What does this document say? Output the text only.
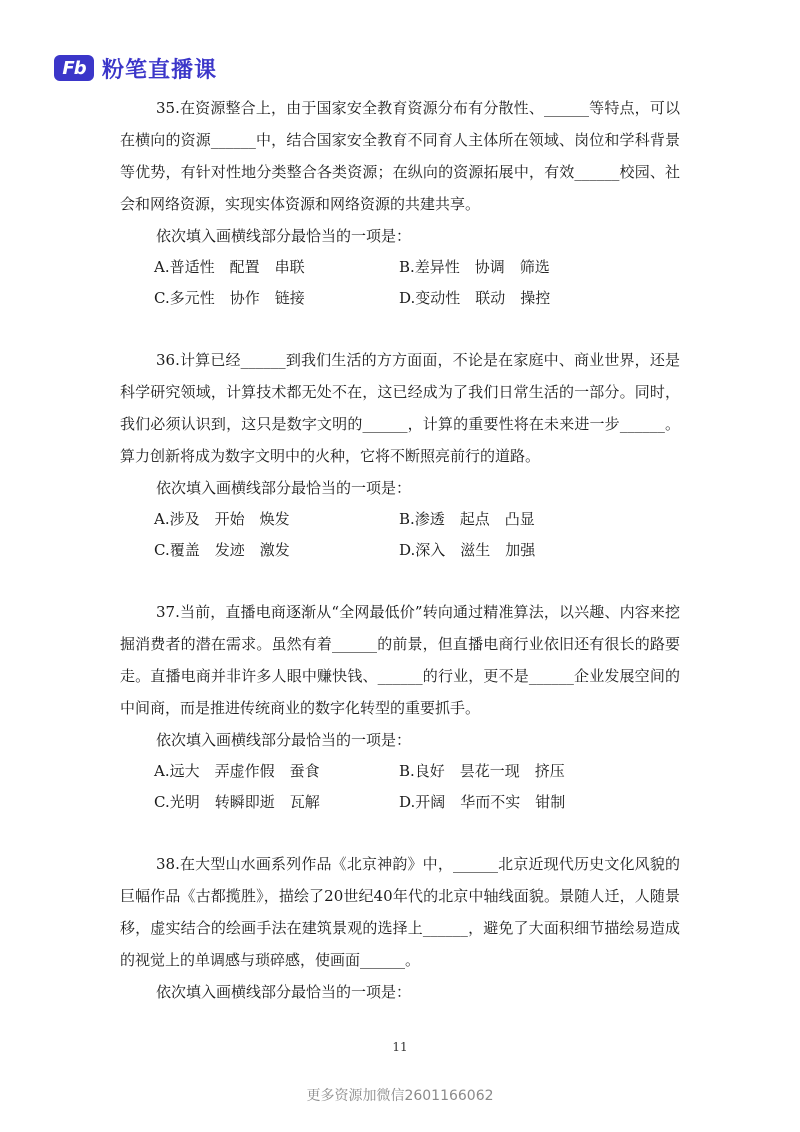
Fb 粉笔直播课

35.在资源整合上，由于国家安全教育资源分布有分散性、______等特点，可以在横向的资源______中，结合国家安全教育不同育人主体所在领域、岗位和学科背景等优势，有针对性地分类整合各类资源；在纵向的资源拓展中，有效______校园、社会和网络资源，实现实体资源和网络资源的共建共享。

依次填入画横线部分最恰当的一项是：

A.普适性　配置　串联	B.差异性　协调　筛选
C.多元性　协作　链接	D.变动性　联动　操控

36.计算已经______到我们生活的方方面面，不论是在家庭中、商业世界，还是科学研究领域，计算技术都无处不在，这已经成为了我们日常生活的一部分。同时，我们必须认识到，这只是数字文明的______，计算的重要性将在未来进一步______。算力创新将成为数字文明中的火种，它将不断照亮前行的道路。

依次填入画横线部分最恰当的一项是：

A.涉及　开始　焕发	B.渗透　起点　凸显
C.覆盖　发迹　激发	D.深入　滋生　加强

37.当前，直播电商逐渐从“全网最低价”转向通过精准算法，以兴趣、内容来挖掘消费者的潜在需求。虽然有着______的前景，但直播电商行业依旧还有很长的路要走。直播电商并非许多人眼中赚快钱、______的行业，更不是______企业发展空间的中间商，而是推进传统商业的数字化转型的重要抓手。

依次填入画横线部分最恰当的一项是：

A.远大　弄虚作假　蚕食	B.良好　昙花一现　挤压
C.光明　转瞬即逝　瓦解	D.开阔　华而不实　钳制

38.在大型山水画系列作品《北京神韵》中，______北京近现代历史文化风貌的巨幅作品《古都揽胜》，描绘了20世纪40年代的北京中轴线面貌。景随人迁，人随景移，虚实结合的绘画手法在建筑景观的选择上______，避免了大面积细节描绘易造成的视觉上的单调感与琐碎感，使画面______。

依次填入画横线部分最恰当的一项是：

11
更多资源加微信2601166062
